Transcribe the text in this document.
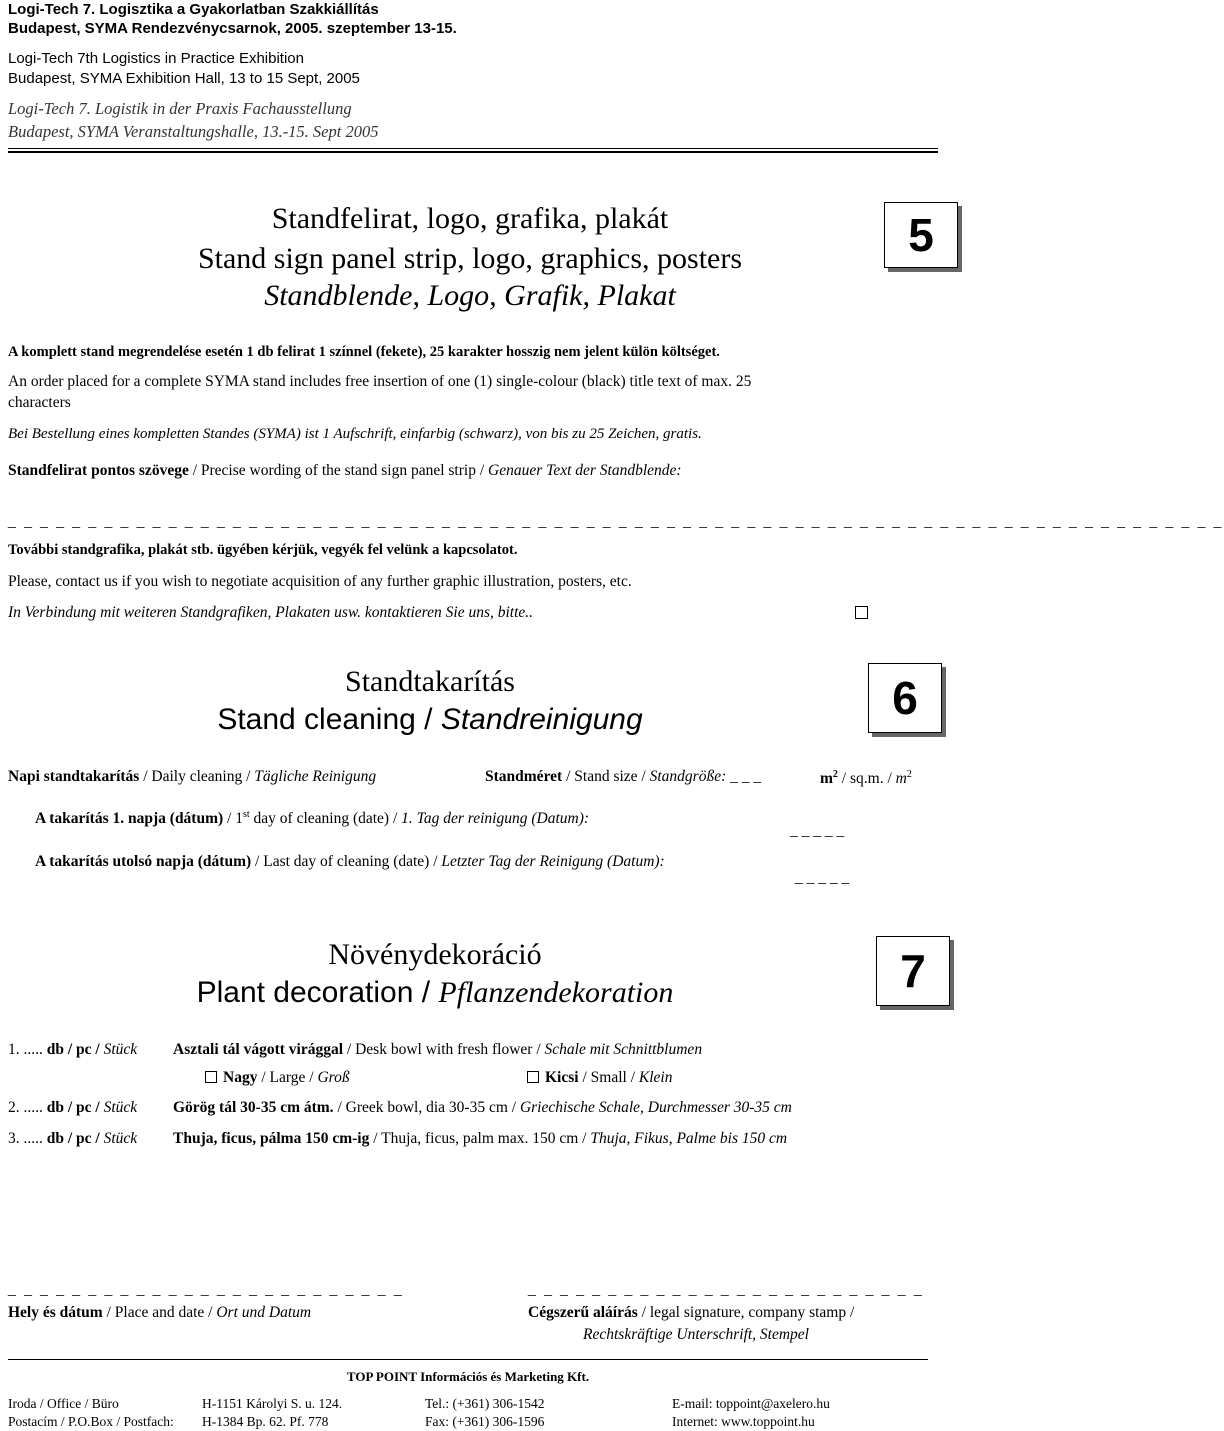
Logi-Tech 7. Logisztika a Gyakorlatban Szakkiállítás
Budapest, SYMA Rendezvénycsarnok, 2005. szeptember 13-15.
Logi-Tech 7th Logistics in Practice Exhibition
Budapest, SYMA Exhibition Hall, 13 to 15 Sept, 2005
Logi-Tech 7. Logistik in der Praxis Fachausstellung
Budapest, SYMA Veranstaltungshalle, 13.-15. Sept 2005
Standfelirat, logo, grafika, plakát
Stand sign panel strip, logo, graphics, posters
Standblende, Logo, Grafik, Plakat
5
A komplett stand megrendelése esetén 1 db felirat 1 színnel (fekete), 25 karakter hosszig nem jelent külön költséget.
An order placed for a complete SYMA stand includes free insertion of one (1) single-colour (black) title text of max. 25
characters
Bei Bestellung eines kompletten Standes (SYMA) ist 1 Aufschrift, einfarbig (schwarz), von bis zu 25 Zeichen, gratis.
Standfelirat pontos szövege / Precise wording of the stand sign panel strip / Genauer Text der Standblende:
_ _ _ _ _ _ _ _ _ _ _ _ _ _ _ _ _ _ _ _ _ _ _ _ _ _ _ _ _ _ _ _ _ _ _ _ _ _ _ _ _ _ _ _ _ _ _ _ _ _ _ _ _ _ _ _ _ _ _ _ _ _ _ _ _ _ _ _ _ _ _ _ _ _ _ _
További standgrafika, plakát stb. ügyében kérjük, vegyék fel velünk a kapcsolatot.
Please, contact us if you wish to negotiate acquisition of any further graphic illustration, posters, etc.
In Verbindung mit weiteren Standgrafiken, Plakaten usw. kontaktieren Sie uns, bitte..
Standtakarítás
Stand cleaning / Standreinigung	6
Napi standtakarítás / Daily cleaning / Tägliche Reinigung	Standméret / Stand size / Standgröße: _ _ _	$m^2 / sq.m$. / $m^2$
A takarítás 1. napja (dátum) / 1st day of cleaning (date) / 1. Tag der reinigung (Datum):
_ _ _ _ _
A takarítás utolsó napja (dátum) / Last day of cleaning (date) / Letzter Tag der Reinigung (Datum):
_ _ _ _ _
Növénydekoráció
Plant decoration / Pflanzendekoration	7
1. ..... db / pc / Stück Asztali tál vágott virággal / Desk bowl with fresh flower / Schale mit Schnittblumen
Nagy / Large / Groß	Kicsi / Small / Klein
2. ..... db / pc / Stück Görög tál 30-35 cm átm. / Greek bowl, dia 30-35 cm / Griechische Schale, Durchmesser 30-35 cm
3. ..... db / pc / Stück Thuja, ficus, pálma 150 cm-ig / Thuja, ficus, palm max. 150 cm / Thuja, Fikus, Palme bis 150 cm
_ _ _ _ _ _ _ _ _ _ _ _ _ _ _ _ _ _ _ _ _ _ _ _ _	_ _ _ _ _ _ _ _ _ _ _ _ _ _ _ _ _ _ _ _ _ _ _ _ _
Hely és dátum / Place and date / Ort und Datum	Cégszerű aláírás / legal signature, company stamp /
Rechtskräftige Unterschrift, Stempel
TOP POINT Információs és Marketing Kft.
Iroda / Office / Büro	H-1151 Károlyi S. u. 124.	Tel.: (+361) 306-1542	E-mail: toppoint@axelero.hu
Postacím / P.O.Box / Postfach: H-1384 Bp. 62. Pf. 778	Fax: (+361) 306-1596	Internet: www.toppoint.hu
